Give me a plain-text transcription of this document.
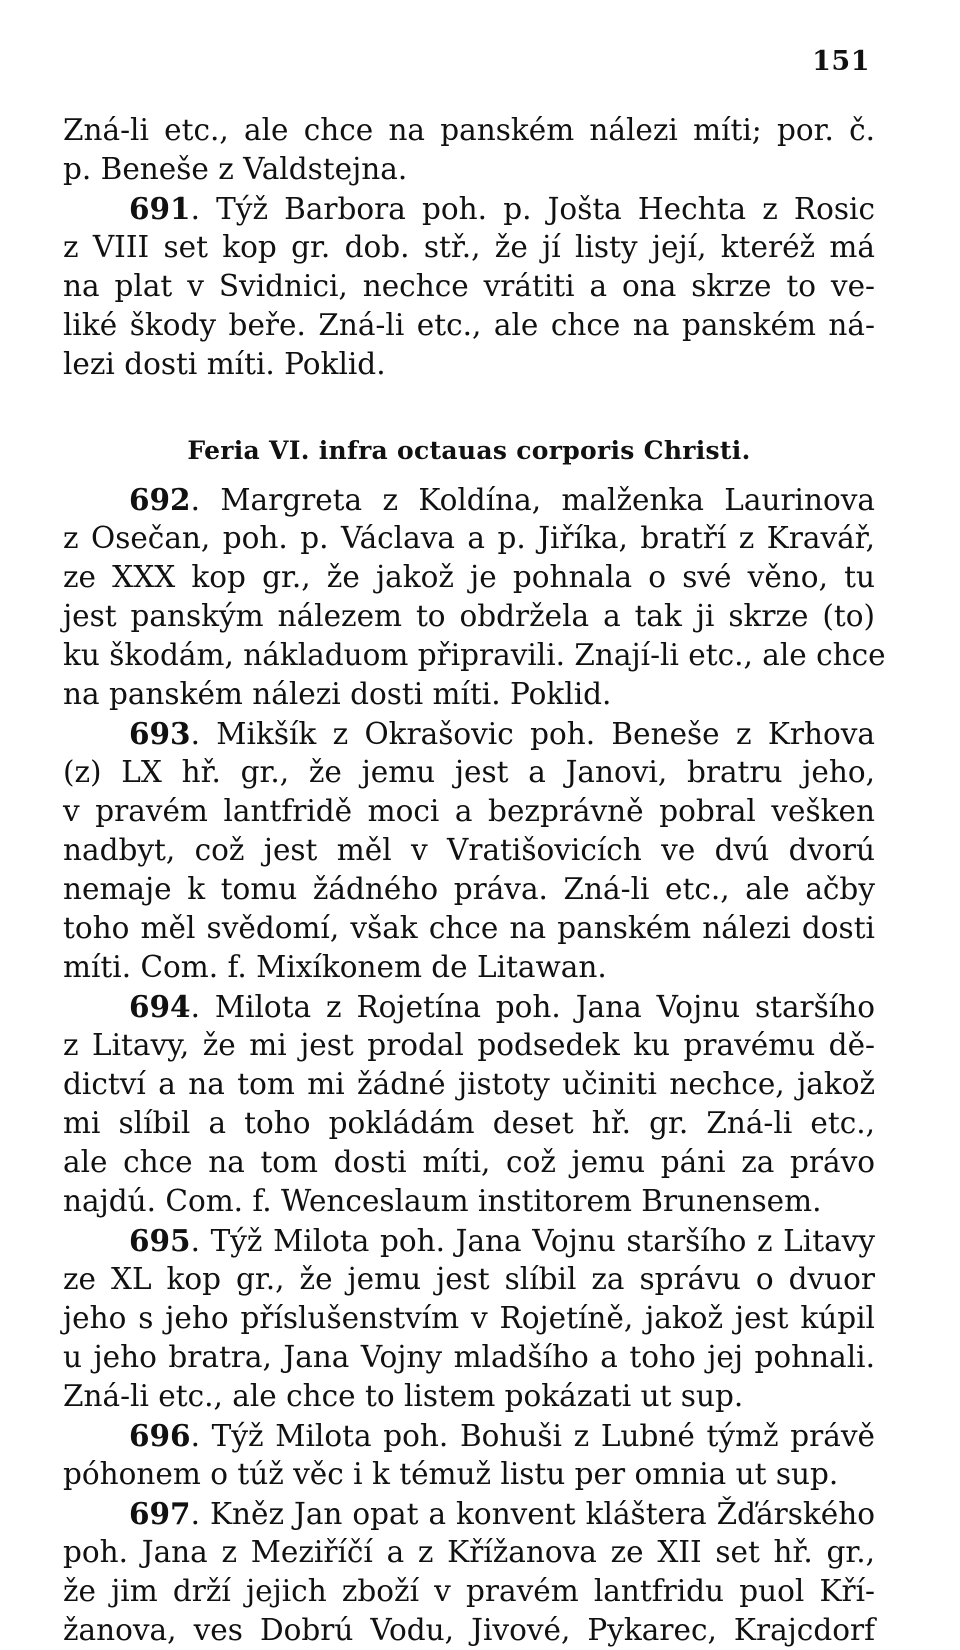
151
Zná-li etc., ale chce na panském nálezi míti; por. č.
p. Beneše z Valdstejna.
691. Týž Barbora poh. p. Jošta Hechta z Rosic
z VIII set kop gr. dob. stř., že jí listy její, kteréž má
na plat v Svidnici, nechce vrátiti a ona skrze to ve-
liké škody beře. Zná-li etc., ale chce na panském ná-
lezi dosti míti. Poklid.
Feria VI. infra octauas corporis Christi.
692. Margreta z Koldína, malženka Laurinova
z Osečan, poh. p. Václava a p. Jiříka, bratří z Kravář,
ze XXX kop gr., že jakož je pohnala o své věno, tu
jest panským nálezem to obdržela a tak ji skrze (to)
ku škodám, nákladuom připravili. Znají-li etc., ale chce
na panském nálezi dosti míti. Poklid.
693. Mikšík z Okrašovic poh. Beneše z Krhova
(z) LX hř. gr., že jemu jest a Janovi, bratru jeho,
v pravém lantfridě moci a bezprávně pobral vešken
nadbyt, což jest měl v Vratišovicích ve dvú dvorú
nemaje k tomu žádného práva. Zná-li etc., ale ačby
toho měl svědomí, však chce na panském nálezi dosti
míti. Com. f. Mixíkonem de Litawan.
694. Milota z Rojetína poh. Jana Vojnu staršího
z Litavy, že mi jest prodal podsedek ku pravému dě-
dictví a na tom mi žádné jistoty učiniti nechce, jakož
mi slíbil a toho pokládám deset hř. gr. Zná-li etc.,
ale chce na tom dosti míti, což jemu páni za právo
najdú. Com. f. Wenceslaum institorem Brunensem.
695. Týž Milota poh. Jana Vojnu staršího z Litavy
ze XL kop gr., že jemu jest slíbil za správu o dvuor
jeho s jeho příslušenstvím v Rojetíně, jakož jest kúpil
u jeho bratra, Jana Vojny mladšího a toho jej pohnali.
Zná-li etc., ale chce to listem pokázati ut sup.
696. Týž Milota poh. Bohuši z Lubné týmž právě
póhonem o túž věc i k témuž listu per omnia ut sup.
697. Kněz Jan opat a konvent kláštera Žďárského
poh. Jana z Meziříčí a z Křížanova ze XII set hř. gr.,
že jim drží jejich zboží v pravém lantfridu puol Kří-
žanova, ves Dobrú Vodu, Jivové, Pykarec, Krajcdorf
